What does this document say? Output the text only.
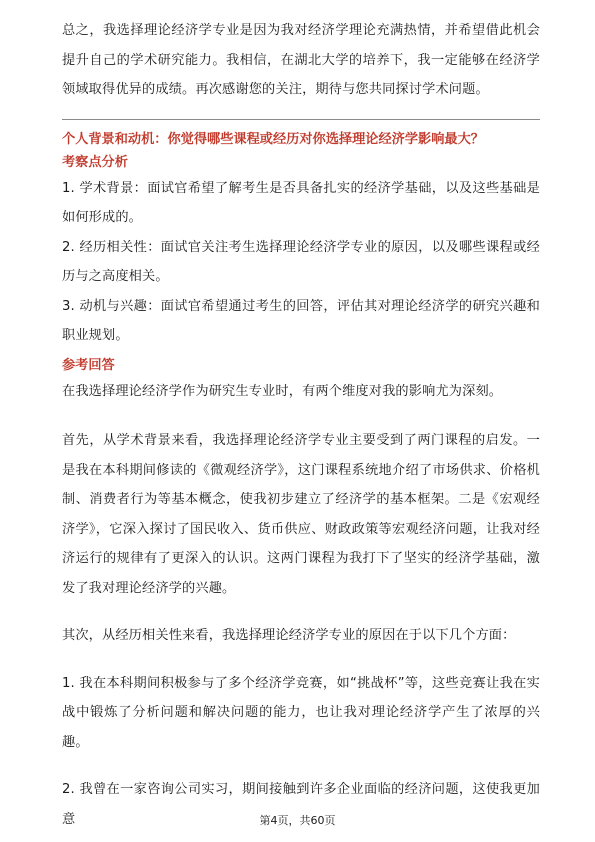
总之，我选择理论经济学专业是因为我对经济学理论充满热情，并希望借此机会提升自己的学术研究能力。我相信，在湖北大学的培养下，我一定能够在经济学领域取得优异的成绩。再次感谢您的关注，期待与您共同探讨学术问题。

个人背景和动机：你觉得哪些课程或经历对你选择理论经济学影响最大？
考察点分析

1. 学术背景：面试官希望了解考生是否具备扎实的经济学基础，以及这些基础是如何形成的。

2. 经历相关性：面试官关注考生选择理论经济学专业的原因，以及哪些课程或经历与之高度相关。

3. 动机与兴趣：面试官希望通过考生的回答，评估其对理论经济学的研究兴趣和职业规划。

参考回答

在我选择理论经济学作为研究生专业时，有两个维度对我的影响尤为深刻。

首先，从学术背景来看，我选择理论经济学专业主要受到了两门课程的启发。一是我在本科期间修读的《微观经济学》，这门课程系统地介绍了市场供求、价格机制、消费者行为等基本概念，使我初步建立了经济学的基本框架。二是《宏观经济学》，它深入探讨了国民收入、货币供应、财政政策等宏观经济问题，让我对经济运行的规律有了更深入的认识。这两门课程为我打下了坚实的经济学基础，激发了我对理论经济学的兴趣。

其次，从经历相关性来看，我选择理论经济学专业的原因在于以下几个方面：

1. 我在本科期间积极参与了多个经济学竞赛，如“挑战杯”等，这些竞赛让我在实战中锻炼了分析问题和解决问题的能力，也让我对理论经济学产生了浓厚的兴趣。

2. 我曾在一家咨询公司实习，期间接触到许多企业面临的经济问题，这使我更加意	第4页，共60页
